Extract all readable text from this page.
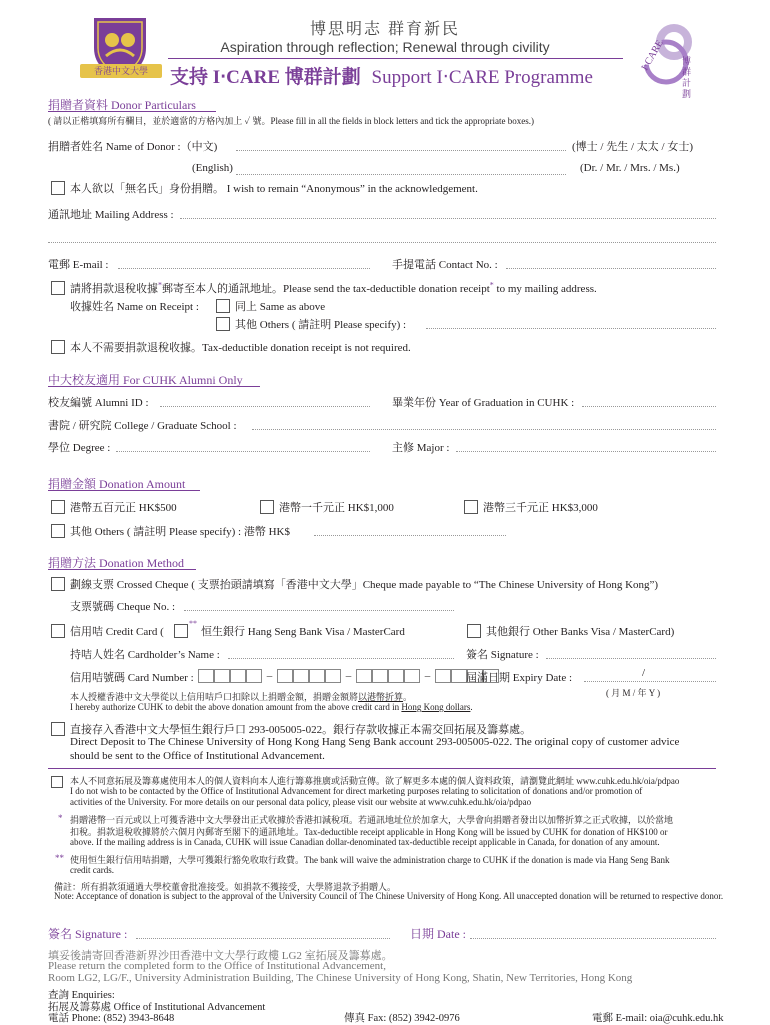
香港中文大學
博思明志 群育新民
Aspiration through reflection; Renewal through civility
支持 I‧CARE 博群計劃 Support I‧CARE Programme
I‧CARE 博群計劃
捐贈者資料 Donor Particulars
( 請以正楷填寫所有欄目，並於適當的方格內加上 ✓ 號。Please fill in all the fields in block letters and tick the appropriate boxes.)
捐贈者姓名 Name of Donor :（中文)	(博士 / 先生 / 太太 / 女士)
(English)	(Dr. / Mr. / Mrs. / Ms.)
本人欲以「無名氏」身份捐贈。 I wish to remain “Anonymous” in the acknowledgement.
通訊地址 Mailing Address :
電郵 E-mail :	手提電話 Contact No. :
請將捐款退稅收據*郵寄至本人的通訊地址。Please send the tax-deductible donation receipt* to my mailing address.
收據姓名 Name on Receipt :	同上 Same as above
其他 Others ( 請註明 Please specify) :
本人不需要捐款退稅收據。Tax-deductible donation receipt is not required.
中大校友適用 For CUHK Alumni Only
校友編號 Alumni ID :	畢業年份 Year of Graduation in CUHK :
書院 / 研究院 College / Graduate School :
學位 Degree :	主修 Major :
捐贈金額 Donation Amount
港幣五百元正 HK$500	港幣一千元正 HK$1,000	港幣三千元正 HK$3,000
其他 Others ( 請註明 Please specify) : 港幣 HK$
捐贈方法 Donation Method
劃線支票 Crossed Cheque ( 支票抬頭請填寫「香港中文大學」Cheque made payable to “The Chinese University of Hong Kong”)
支票號碼 Cheque No. :
信用咭 Credit Card (
**
恒生銀行 Hang Seng Bank Visa / MasterCard	其他銀行 Other Banks Visa / MasterCard)
持咭人姓名 Cardholder’s Name :	簽名 Signature :
信用咭號碼 Card Number :	–	–	–	屆滿日期 Expiry Date :	/
( 月 M / 年 Y )
本人授權香港中文大學從以上信用咭戶口扣除以上捐贈金額，捐贈金額將以港幣折算。
I hereby authorize CUHK to debit the above donation amount from the above credit card in Hong Kong dollars.
直接存入香港中文大學恒生銀行戶口 293-005005-022。銀行存款收據正本需交回拓展及籌募處。
Direct Deposit to The Chinese University of Hong Kong Hang Seng Bank account 293-005005-022. The original copy of customer advice
should be sent to the Office of Institutional Advancement.
本人不同意拓展及籌募處使用本人的個人資料向本人進行籌募推廣或活動宣傳。欲了解更多本處的個人資料政策，請瀏覽此網址 www.cuhk.edu.hk/oia/pdpao
I do not wish to be contacted by the Office of Institutional Advancement for direct marketing purposes relating to solicitation of donations and/or promotion of
activities of the University. For more details on our personal data policy, please visit our website at www.cuhk.edu.hk/oia/pdpao
* 捐贈港幣一百元或以上可獲香港中文大學發出正式收據於香港扣減稅項。若通訊地址位於加拿大，大學會向捐贈者發出以加幣折算之正式收據，以於當地
扣稅。捐款退稅收據將於六個月內郵寄至閣下的通訊地址。Tax-deductible receipt applicable in Hong Kong will be issued by CUHK for donation of HK$100 or
above. If the mailing address is in Canada, CUHK will issue Canadian dollar-denominated tax-deductible receipt applicable in Canada, for donation of any amount.
** 使用恒生銀行信用咭捐贈，大學可獲銀行豁免收取行政費。The bank will waive the administration charge to CUHK if the donation is made via Hang Seng Bank
credit cards.
備註：所有捐款須通過大學校董會批准接受。如捐款不獲接受，大學將退款予捐贈人。
Note: Acceptance of donation is subject to the approval of the University Council of The Chinese University of Hong Kong. All unaccepted donation will be returned to respective donor.
簽名 Signature :	日期 Date :
填妥後請寄回香港新界沙田香港中文大學行政樓 LG2 室拓展及籌募處。
Please return the completed form to the Office of Institutional Advancement,
Room LG2, LG/F., University Administration Building, The Chinese University of Hong Kong, Shatin, New Territories, Hong Kong
查詢 Enquiries:
拓展及籌募處 Office of Institutional Advancement
電話 Phone: (852) 3943-8648	傳真 Fax: (852) 3942-0976	電郵 E-mail: oia@cuhk.edu.hk
